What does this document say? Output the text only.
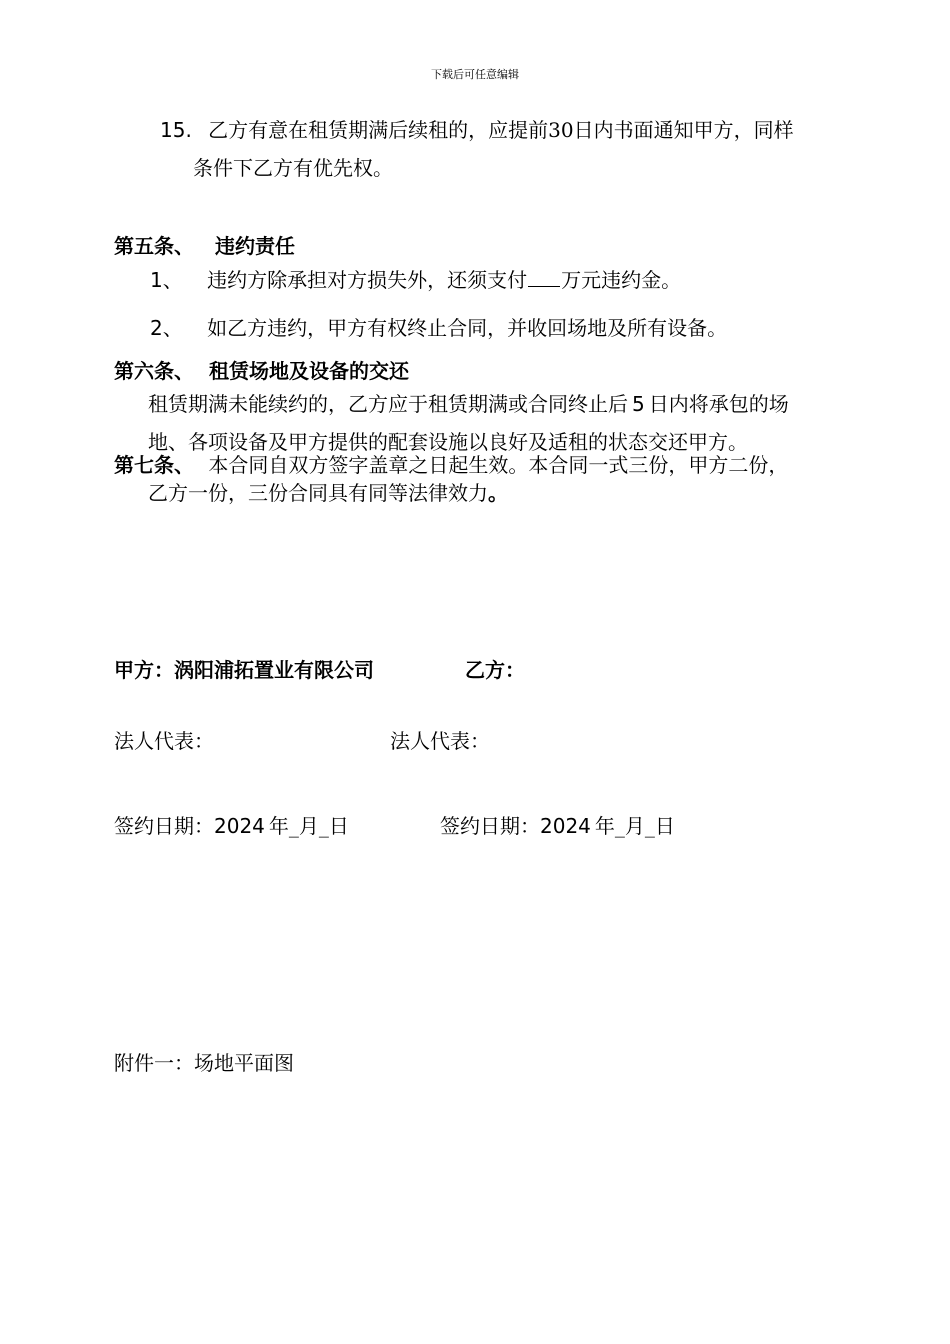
下载后可任意编辑
15. 乙方有意在租赁期满后续租的，应提前30日内书面通知甲方，同样
条件下乙方有优先权。
第五条、 违约责任
1、 违约方除承担对方损失外，还须支付 万元违约金。
2、 如乙方违约，甲方有权终止合同，并收回场地及所有设备。
第六条、 租赁场地及设备的交还
租赁期满未能续约的，乙方应于租赁期满或合同终止后 5 日内将承包的场
地、各项设备及甲方提供的配套设施以良好及适租的状态交还甲方。
第七条、 本合同自双方签字盖章之日起生效。本合同一式三份，甲方二份，
乙方一份，三份合同具有同等法律效力。
甲方：涡阳浦拓置业有限公司	乙方：
法人代表：	法人代表：
签约日期：2024 年_月_日	签约日期：2024 年_月_日
附件一：场地平面图
